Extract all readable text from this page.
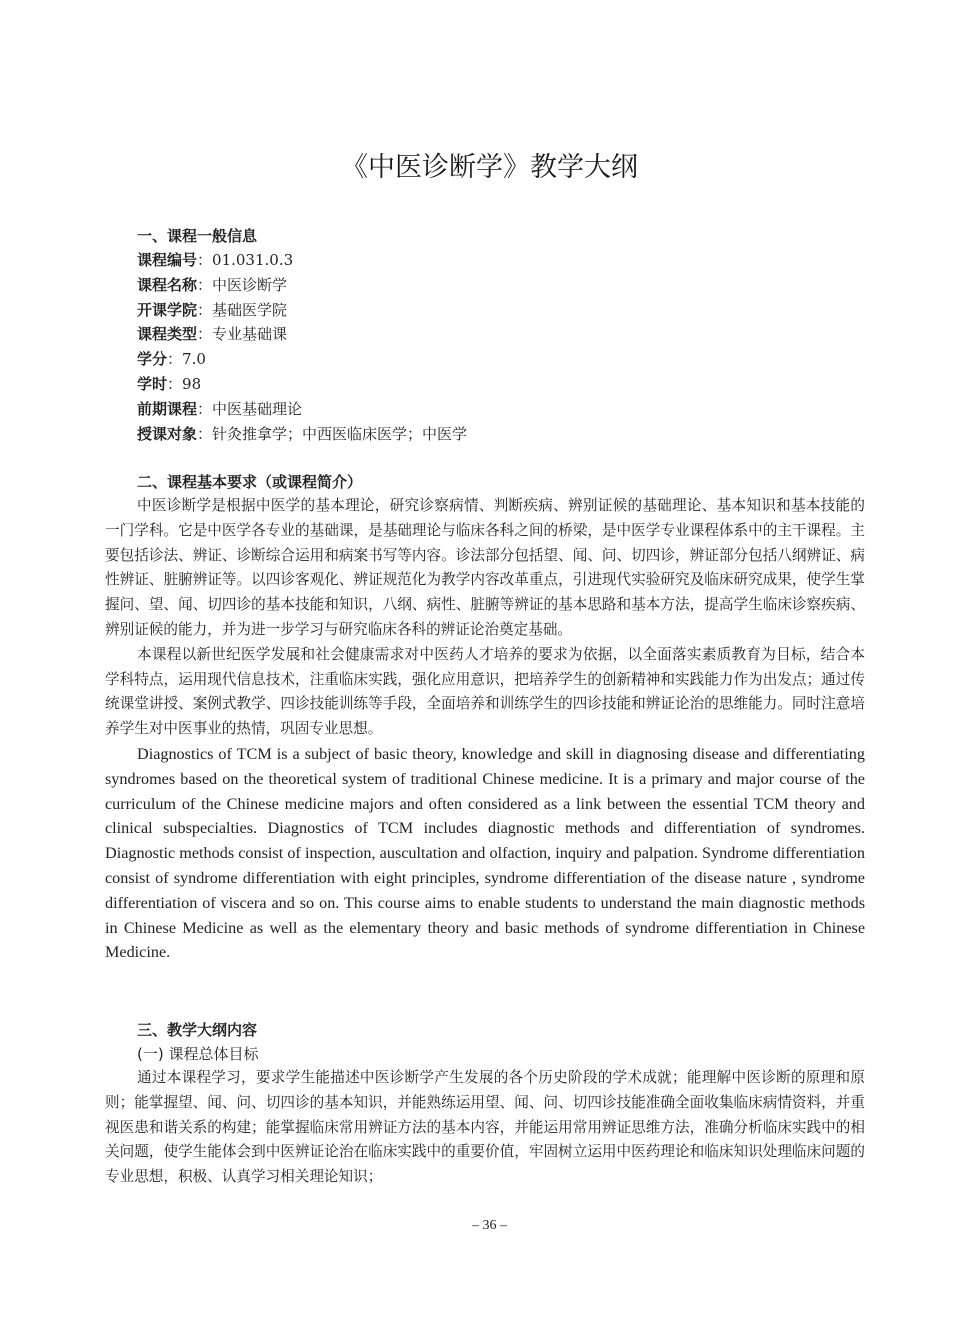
《中医诊断学》教学大纲
一、课程一般信息
课程编号：01.031.0.3
课程名称：中医诊断学
开课学院：基础医学院
课程类型：专业基础课
学分：7.0
学时：98
前期课程：中医基础理论
授课对象：针灸推拿学；中西医临床医学；中医学
二、课程基本要求（或课程简介）

中医诊断学是根据中医学的基本理论，研究诊察病情、判断疾病、辨别证候的基础理论、基本知识和基本技能的一门学科。它是中医学各专业的基础课，是基础理论与临床各科之间的桥梁，是中医学专业课程体系中的主干课程。主要包括诊法、辨证、诊断综合运用和病案书写等内容。诊法部分包括望、闻、问、切四诊，辨证部分包括八纲辨证、病性辨证、脏腑辨证等。以四诊客观化、辨证规范化为教学内容改革重点，引进现代实验研究及临床研究成果，使学生掌握问、望、闻、切四诊的基本技能和知识，八纲、病性、脏腑等辨证的基本思路和基本方法，提高学生临床诊察疾病、辨别证候的能力，并为进一步学习与研究临床各科的辨证论治奠定基础。

本课程以新世纪医学发展和社会健康需求对中医药人才培养的要求为依据，以全面落实素质教育为目标，结合本学科特点，运用现代信息技术，注重临床实践，强化应用意识，把培养学生的创新精神和实践能力作为出发点；通过传统课堂讲授、案例式教学、四诊技能训练等手段，全面培养和训练学生的四诊技能和辨证论治的思维能力。同时注意培养学生对中医事业的热情，巩固专业思想。

Diagnostics of TCM is a subject of basic theory, knowledge and skill in diagnosing disease and differentiating syndromes based on the theoretical system of traditional Chinese medicine. It is a primary and major course of the curriculum of the Chinese medicine majors and often considered as a link between the essential TCM theory and clinical subspecialties. Diagnostics of TCM includes diagnostic methods and differentiation of syndromes. Diagnostic methods consist of inspection, auscultation and olfaction, inquiry and palpation. Syndrome differentiation consist of syndrome differentiation with eight principles, syndrome differentiation of the disease nature , syndrome differentiation of viscera and so on. This course aims to enable students to understand the main diagnostic methods in Chinese Medicine as well as the elementary theory and basic methods of syndrome differentiation in Chinese Medicine.

三、教学大纲内容
(一) 课程总体目标

通过本课程学习，要求学生能描述中医诊断学产生发展的各个历史阶段的学术成就；能理解中医诊断的原理和原则；能掌握望、闻、问、切四诊的基本知识，并能熟练运用望、闻、问、切四诊技能准确全面收集临床病情资料，并重视医患和谐关系的构建；能掌握临床常用辨证方法的基本内容，并能运用常用辨证思维方法，准确分析临床实践中的相关问题，使学生能体会到中医辨证论治在临床实践中的重要价值，牢固树立运用中医药理论和临床知识处理临床问题的专业思想，积极、认真学习相关理论知识；

– 36 –
